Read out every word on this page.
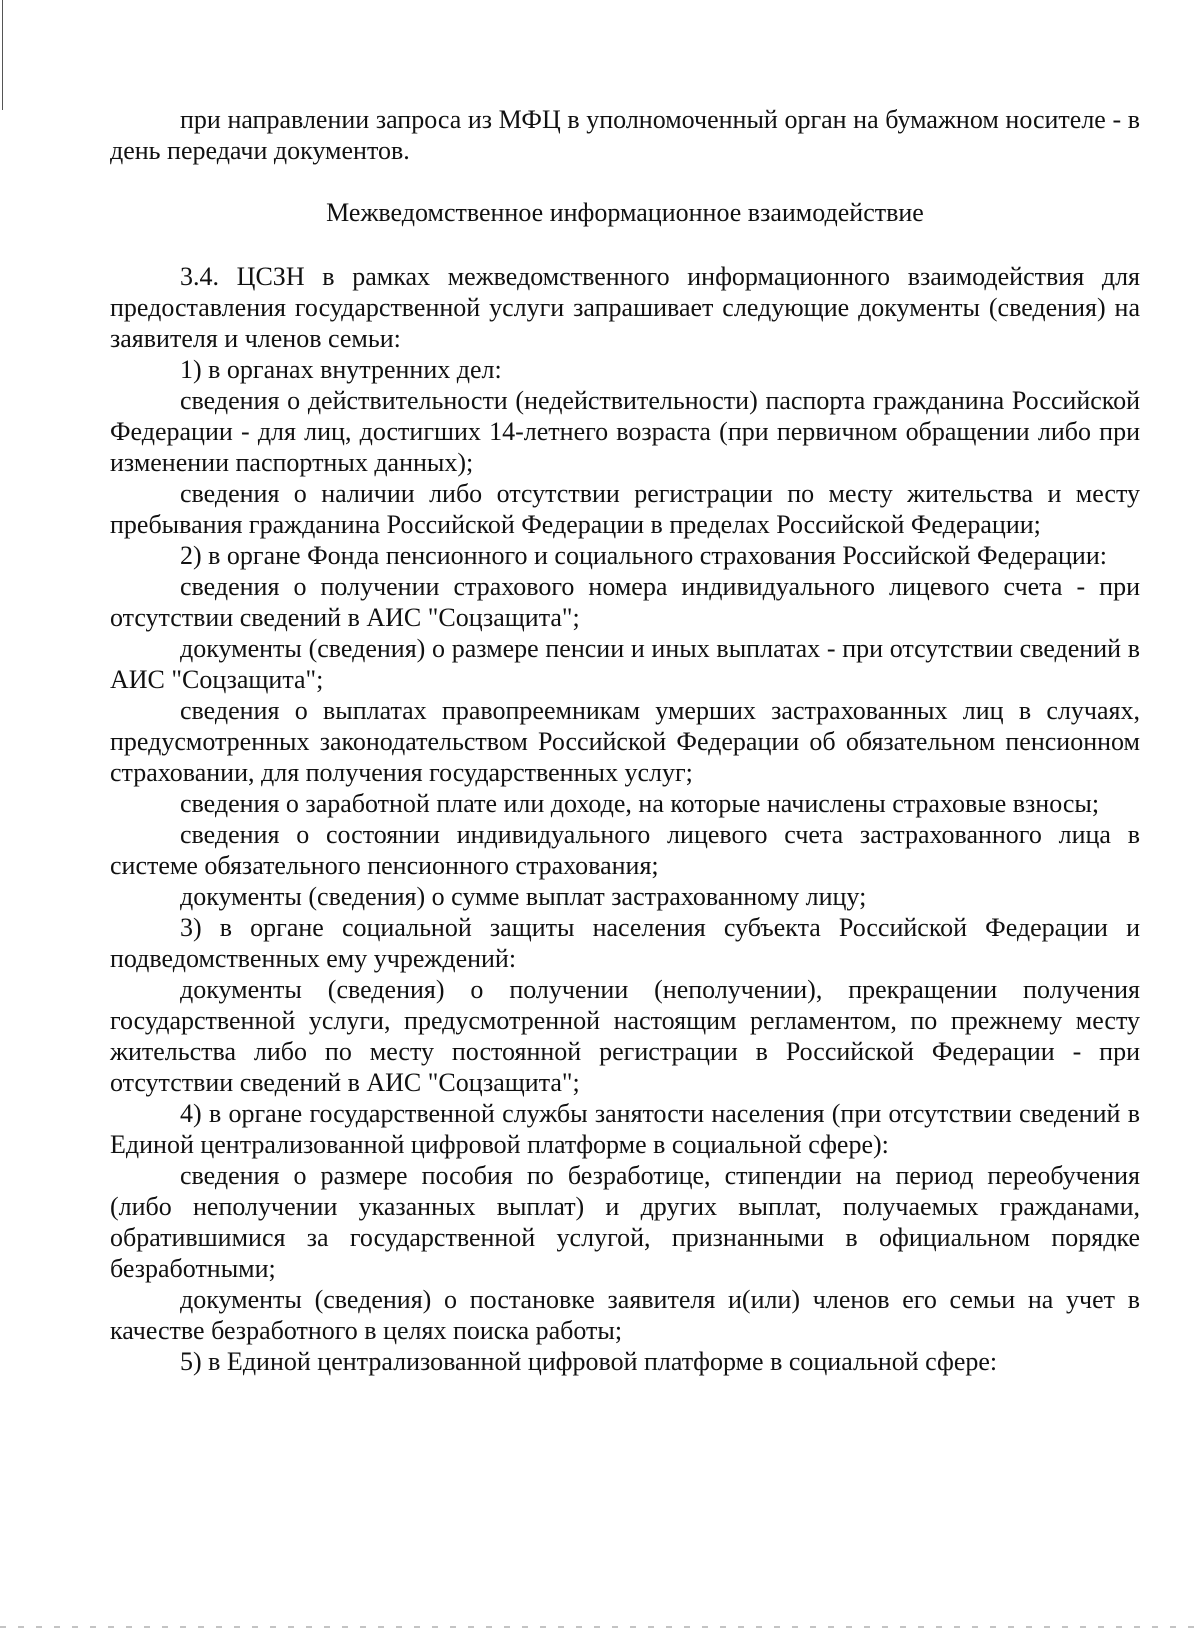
при направлении запроса из МФЦ в уполномоченный орган на бумажном носителе - в день передачи документов.

Межведомственное информационное взаимодействие

3.4. ЦСЗН в рамках межведомственного информационного взаимодействия для предоставления государственной услуги запрашивает следующие документы (сведения) на заявителя и членов семьи:

1) в органах внутренних дел:

сведения о действительности (недействительности) паспорта гражданина Российской Федерации - для лиц, достигших 14-летнего возраста (при первичном обращении либо при изменении паспортных данных);

сведения о наличии либо отсутствии регистрации по месту жительства и месту пребывания гражданина Российской Федерации в пределах Российской Федерации;

2) в органе Фонда пенсионного и социального страхования Российской Федерации:

сведения о получении страхового номера индивидуального лицевого счета - при отсутствии сведений в АИС "Соцзащита";

документы (сведения) о размере пенсии и иных выплатах - при отсутствии сведений в АИС "Соцзащита";

сведения о выплатах правопреемникам умерших застрахованных лиц в случаях, предусмотренных законодательством Российской Федерации об обязательном пенсионном страховании, для получения государственных услуг;

сведения о заработной плате или доходе, на которые начислены страховые взносы;

сведения о состоянии индивидуального лицевого счета застрахованного лица в системе обязательного пенсионного страхования;

документы (сведения) о сумме выплат застрахованному лицу;

3) в органе социальной защиты населения субъекта Российской Федерации и подведомственных ему учреждений:

документы (сведения) о получении (неполучении), прекращении получения государственной услуги, предусмотренной настоящим регламентом, по прежнему месту жительства либо по месту постоянной регистрации в Российской Федерации - при отсутствии сведений в АИС "Соцзащита";

4) в органе государственной службы занятости населения (при отсутствии сведений в Единой централизованной цифровой платформе в социальной сфере):

сведения о размере пособия по безработице, стипендии на период переобучения (либо неполучении указанных выплат) и других выплат, получаемых гражданами, обратившимися за государственной услугой, признанными в официальном порядке безработными;

документы (сведения) о постановке заявителя и(или) членов его семьи на учет в качестве безработного в целях поиска работы;

5) в Единой централизованной цифровой платформе в социальной сфере:
